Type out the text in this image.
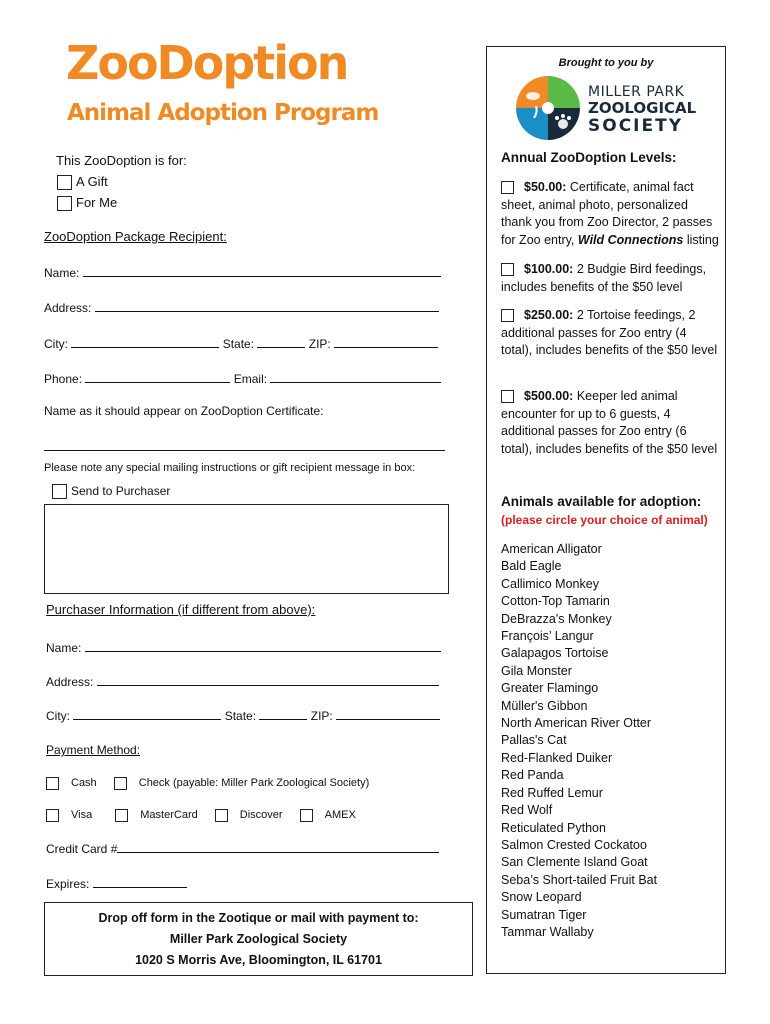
ZooDoption
Animal Adoption Program
This ZooDoption is for:
A Gift
For Me
ZooDoption Package Recipient:
Name:
Address:
City:	State:	ZIP:
Phone:	Email:
Name as it should appear on ZooDoption Certificate:
Please note any special mailing instructions or gift recipient message in box:
Send to Purchaser
Purchaser Information (if different from above):
Name:
Address:
City:	State:	ZIP:
Payment Method:
Cash	Check (payable: Miller Park Zoological Society)
Visa	MasterCard	Discover	AMEX
Credit Card #
Expires:
Drop off form in the Zootique or mail with payment to:
Miller Park Zoological Society
1020 S Morris Ave, Bloomington, IL 61701
Brought to you by
MILLER PARK
ZOOLOGICAL
SOCIETY
Annual ZooDoption Levels:
$50.00: Certificate, animal fact sheet, animal photo, personalized thank you from Zoo Director, 2 passes for Zoo entry, Wild Connections listing
$100.00: 2 Budgie Bird feedings, includes benefits of the $50 level
$250.00: 2 Tortoise feedings, 2 additional passes for Zoo entry (4 total), includes benefits of the $50 level
$500.00: Keeper led animal encounter for up to 6 guests, 4 additional passes for Zoo entry (6 total), includes benefits of the $50 level
Animals available for adoption:
(please circle your choice of animal)
American Alligator
Bald Eagle
Callimico Monkey
Cotton-Top Tamarin
DeBrazza's Monkey
François’ Langur
Galapagos Tortoise
Gila Monster
Greater Flamingo
Müller's Gibbon
North American River Otter
Pallas's Cat
Red-Flanked Duiker
Red Panda
Red Ruffed Lemur
Red Wolf
Reticulated Python
Salmon Crested Cockatoo
San Clemente Island Goat
Seba’s Short-tailed Fruit Bat
Snow Leopard
Sumatran Tiger
Tammar Wallaby
